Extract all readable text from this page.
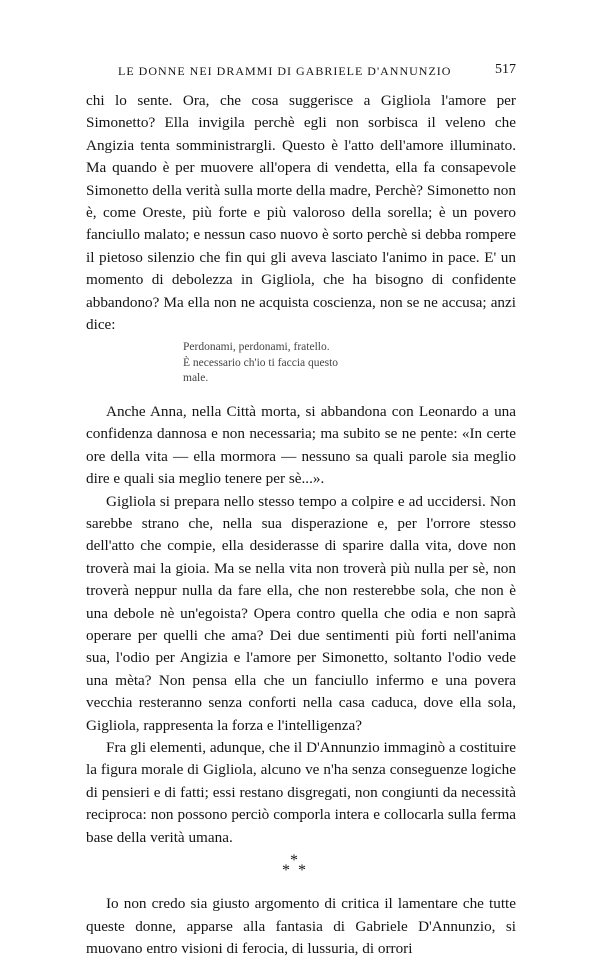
LE DONNE NEI DRAMMI DI GABRIELE D'ANNUNZIO	517

chi lo sente. Ora, che cosa suggerisce a Gigliola l'amore per Simonetto? Ella invigila perchè egli non sorbisca il veleno che Angizia tenta somministrargli. Questo è l'atto dell'amore illuminato. Ma quando è per muovere all'opera di vendetta, ella fa consapevole Simonetto della verità sulla morte della madre, Perchè? Simonetto non è, come Oreste, più forte e più valoroso della sorella; è un povero fanciullo malato; e nessun caso nuovo è sorto perchè si debba rompere il pietoso silenzio che fin qui gli aveva lasciato l'animo in pace. E' un momento di debolezza in Gigliola, che ha bisogno di confidente abbandono? Ma ella non ne acquista coscienza, non se ne accusa; anzi dice:

Perdonami, perdonami, fratello.
È necessario ch'io ti faccia questo
male.

Anche Anna, nella Città morta, si abbandona con Leonardo a una confidenza dannosa e non necessaria; ma subito se ne pente: «In certe ore della vita — ella mormora — nessuno sa quali parole sia meglio dire e quali sia meglio tenere per sè...».

Gigliola si prepara nello stesso tempo a colpire e ad uccidersi. Non sarebbe strano che, nella sua disperazione e, per l'orrore stesso dell'atto che compie, ella desiderasse di sparire dalla vita, dove non troverà mai la gioia. Ma se nella vita non troverà più nulla per sè, non troverà neppur nulla da fare ella, che non resterebbe sola, che non è una debole nè un'egoista? Opera contro quella che odia e non saprà operare per quelli che ama? Dei due sentimenti più forti nell'anima sua, l'odio per Angizia e l'amore per Simonetto, soltanto l'odio vede una mèta? Non pensa ella che un fanciullo infermo e una povera vecchia resteranno senza conforti nella casa caduca, dove ella sola, Gigliola, rappresenta la forza e l'intelligenza?

Fra gli elementi, adunque, che il D'Annunzio immaginò a costituire la figura morale di Gigliola, alcuno ve n'ha senza conseguenze logiche di pensieri e di fatti; essi restano disgregati, non congiunti da necessità reciproca: non possono perciò comporla intera e collocarla sulla ferma base della verità umana.

*
* *

Io non credo sia giusto argomento di critica il lamentare che tutte queste donne, apparse alla fantasia di Gabriele D'Annunzio, si muovano entro visioni di ferocia, di lussuria, di orrori
